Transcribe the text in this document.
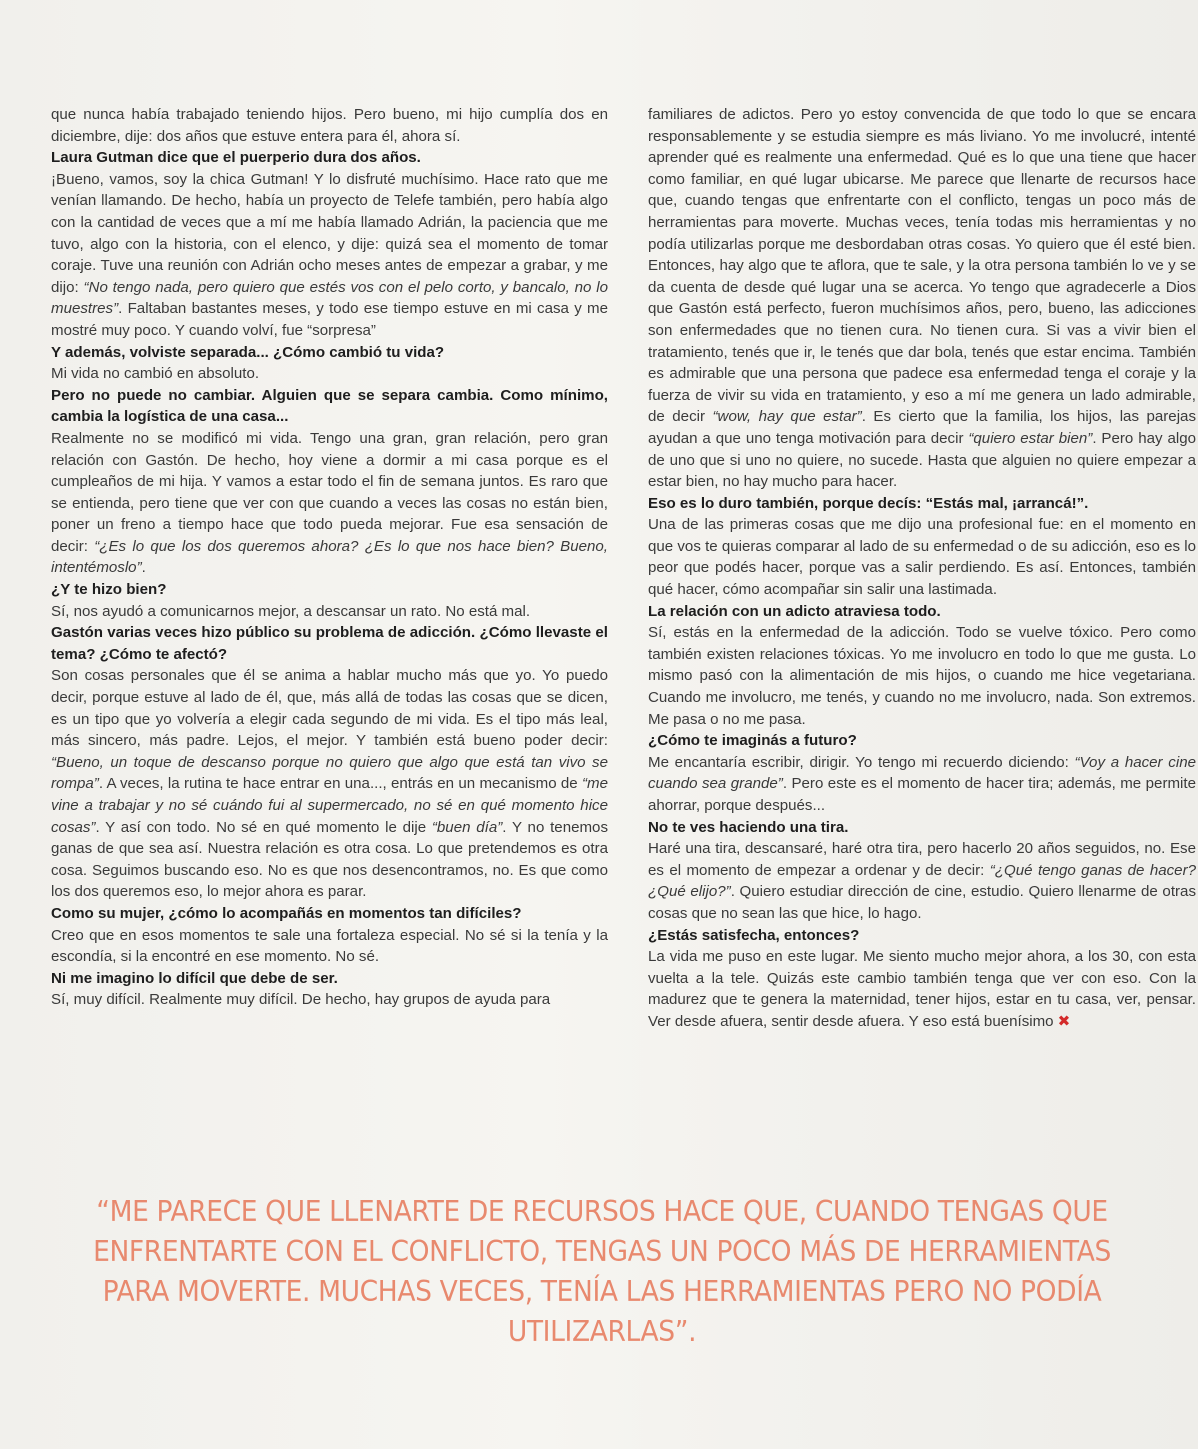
que nunca había trabajado teniendo hijos. Pero bueno, mi hijo cumplía dos en diciembre, dije: dos años que estuve entera para él, ahora sí.

Laura Gutman dice que el puerperio dura dos años.

¡Bueno, vamos, soy la chica Gutman! Y lo disfruté muchísimo. Hace rato que me venían llamando. De hecho, había un proyecto de Telefe también, pero había algo con la cantidad de veces que a mí me había llamado Adrián, la paciencia que me tuvo, algo con la historia, con el elenco, y dije: quizá sea el momento de tomar coraje. Tuve una reunión con Adrián ocho meses antes de empezar a grabar, y me dijo: “No tengo nada, pero quiero que estés vos con el pelo corto, y bancalo, no lo muestres”. Faltaban bastantes meses, y todo ese tiempo estuve en mi casa y me mostré muy poco. Y cuando volví, fue “sorpresa”

Y además, volviste separada... ¿Cómo cambió tu vida?

Mi vida no cambió en absoluto.

Pero no puede no cambiar. Alguien que se separa cambia. Como mínimo, cambia la logística de una casa...

Realmente no se modificó mi vida. Tengo una gran, gran relación, pero gran relación con Gastón. De hecho, hoy viene a dormir a mi casa porque es el cumpleaños de mi hija. Y vamos a estar todo el fin de semana juntos. Es raro que se entienda, pero tiene que ver con que cuando a veces las cosas no están bien, poner un freno a tiempo hace que todo pueda mejorar. Fue esa sensación de decir: “¿Es lo que los dos queremos ahora? ¿Es lo que nos hace bien? Bueno, intentémoslo”.

¿Y te hizo bien?

Sí, nos ayudó a comunicarnos mejor, a descansar un rato. No está mal.

Gastón varias veces hizo público su problema de adicción. ¿Cómo llevaste el tema? ¿Cómo te afectó?

Son cosas personales que él se anima a hablar mucho más que yo. Yo puedo decir, porque estuve al lado de él, que, más allá de todas las cosas que se dicen, es un tipo que yo volvería a elegir cada segundo de mi vida. Es el tipo más leal, más sincero, más padre. Lejos, el mejor. Y también está bueno poder decir: “Bueno, un toque de descanso porque no quiero que algo que está tan vivo se rompa”. A veces, la rutina te hace entrar en una..., entrás en un mecanismo de “me vine a trabajar y no sé cuándo fui al supermercado, no sé en qué momento hice cosas”. Y así con todo. No sé en qué momento le dije “buen día”. Y no tenemos ganas de que sea así. Nuestra relación es otra cosa. Lo que pretendemos es otra cosa. Seguimos buscando eso. No es que nos desencontramos, no. Es que como los dos queremos eso, lo mejor ahora es parar.

Como su mujer, ¿cómo lo acompañás en momentos tan difíciles?

Creo que en esos momentos te sale una fortaleza especial. No sé si la tenía y la escondía, si la encontré en ese momento. No sé.

Ni me imagino lo difícil que debe de ser.

Sí, muy difícil. Realmente muy difícil. De hecho, hay grupos de ayuda para

familiares de adictos. Pero yo estoy convencida de que todo lo que se encara responsablemente y se estudia siempre es más liviano. Yo me involucré, intenté aprender qué es realmente una enfermedad. Qué es lo que una tiene que hacer como familiar, en qué lugar ubicarse. Me parece que llenarte de recursos hace que, cuando tengas que enfrentarte con el conflicto, tengas un poco más de herramientas para moverte. Muchas veces, tenía todas mis herramientas y no podía utilizarlas porque me desbordaban otras cosas. Yo quiero que él esté bien. Entonces, hay algo que te aflora, que te sale, y la otra persona también lo ve y se da cuenta de desde qué lugar una se acerca. Yo tengo que agradecerle a Dios que Gastón está perfecto, fueron muchísimos años, pero, bueno, las adicciones son enfermedades que no tienen cura. No tienen cura. Si vas a vivir bien el tratamiento, tenés que ir, le tenés que dar bola, tenés que estar encima. También es admirable que una persona que padece esa enfermedad tenga el coraje y la fuerza de vivir su vida en tratamiento, y eso a mí me genera un lado admirable, de decir “wow, hay que estar”. Es cierto que la familia, los hijos, las parejas ayudan a que uno tenga motivación para decir “quiero estar bien”. Pero hay algo de uno que si uno no quiere, no sucede. Hasta que alguien no quiere empezar a estar bien, no hay mucho para hacer.

Eso es lo duro también, porque decís: “Estás mal, ¡arrancá!”.

Una de las primeras cosas que me dijo una profesional fue: en el momento en que vos te quieras comparar al lado de su enfermedad o de su adicción, eso es lo peor que podés hacer, porque vas a salir perdiendo. Es así. Entonces, también qué hacer, cómo acompañar sin salir una lastimada.

La relación con un adicto atraviesa todo.

Sí, estás en la enfermedad de la adicción. Todo se vuelve tóxico. Pero como también existen relaciones tóxicas. Yo me involucro en todo lo que me gusta. Lo mismo pasó con la alimentación de mis hijos, o cuando me hice vegetariana. Cuando me involucro, me tenés, y cuando no me involucro, nada. Son extremos. Me pasa o no me pasa.

¿Cómo te imaginás a futuro?

Me encantaría escribir, dirigir. Yo tengo mi recuerdo diciendo: “Voy a hacer cine cuando sea grande”. Pero este es el momento de hacer tira; además, me permite ahorrar, porque después...

No te ves haciendo una tira.

Haré una tira, descansaré, haré otra tira, pero hacerlo 20 años seguidos, no. Ese es el momento de empezar a ordenar y de decir: “¿Qué tengo ganas de hacer? ¿Qué elijo?”. Quiero estudiar dirección de cine, estudio. Quiero llenarme de otras cosas que no sean las que hice, lo hago.

¿Estás satisfecha, entonces?

La vida me puso en este lugar. Me siento mucho mejor ahora, a los 30, con esta vuelta a la tele. Quizás este cambio también tenga que ver con eso. Con la madurez que te genera la maternidad, tener hijos, estar en tu casa, ver, pensar. Ver desde afuera, sentir desde afuera. Y eso está buenísimo ✖

“ME PARECE QUE LLENARTE DE RECURSOS HACE QUE, CUANDO TENGAS QUE ENFRENTARTE CON EL CONFLICTO, TENGAS UN POCO MÁS DE HERRAMIENTAS PARA MOVERTE. MUCHAS VECES, TENÍA LAS HERRAMIENTAS PERO NO PODÍA UTILIZARLAS”.
